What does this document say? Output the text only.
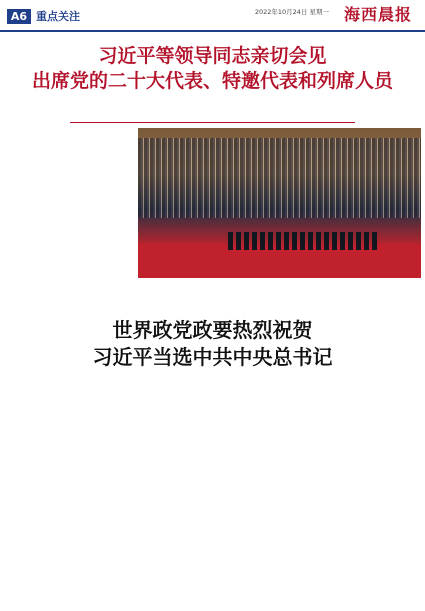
A6 重点关注	2022年10月24日 星期一 海西晨报
习近平等领导同志亲切会见
出席党的二十大代表、特邀代表和列席人员

世界政党政要热烈祝贺
习近平当选中共中央总书记
